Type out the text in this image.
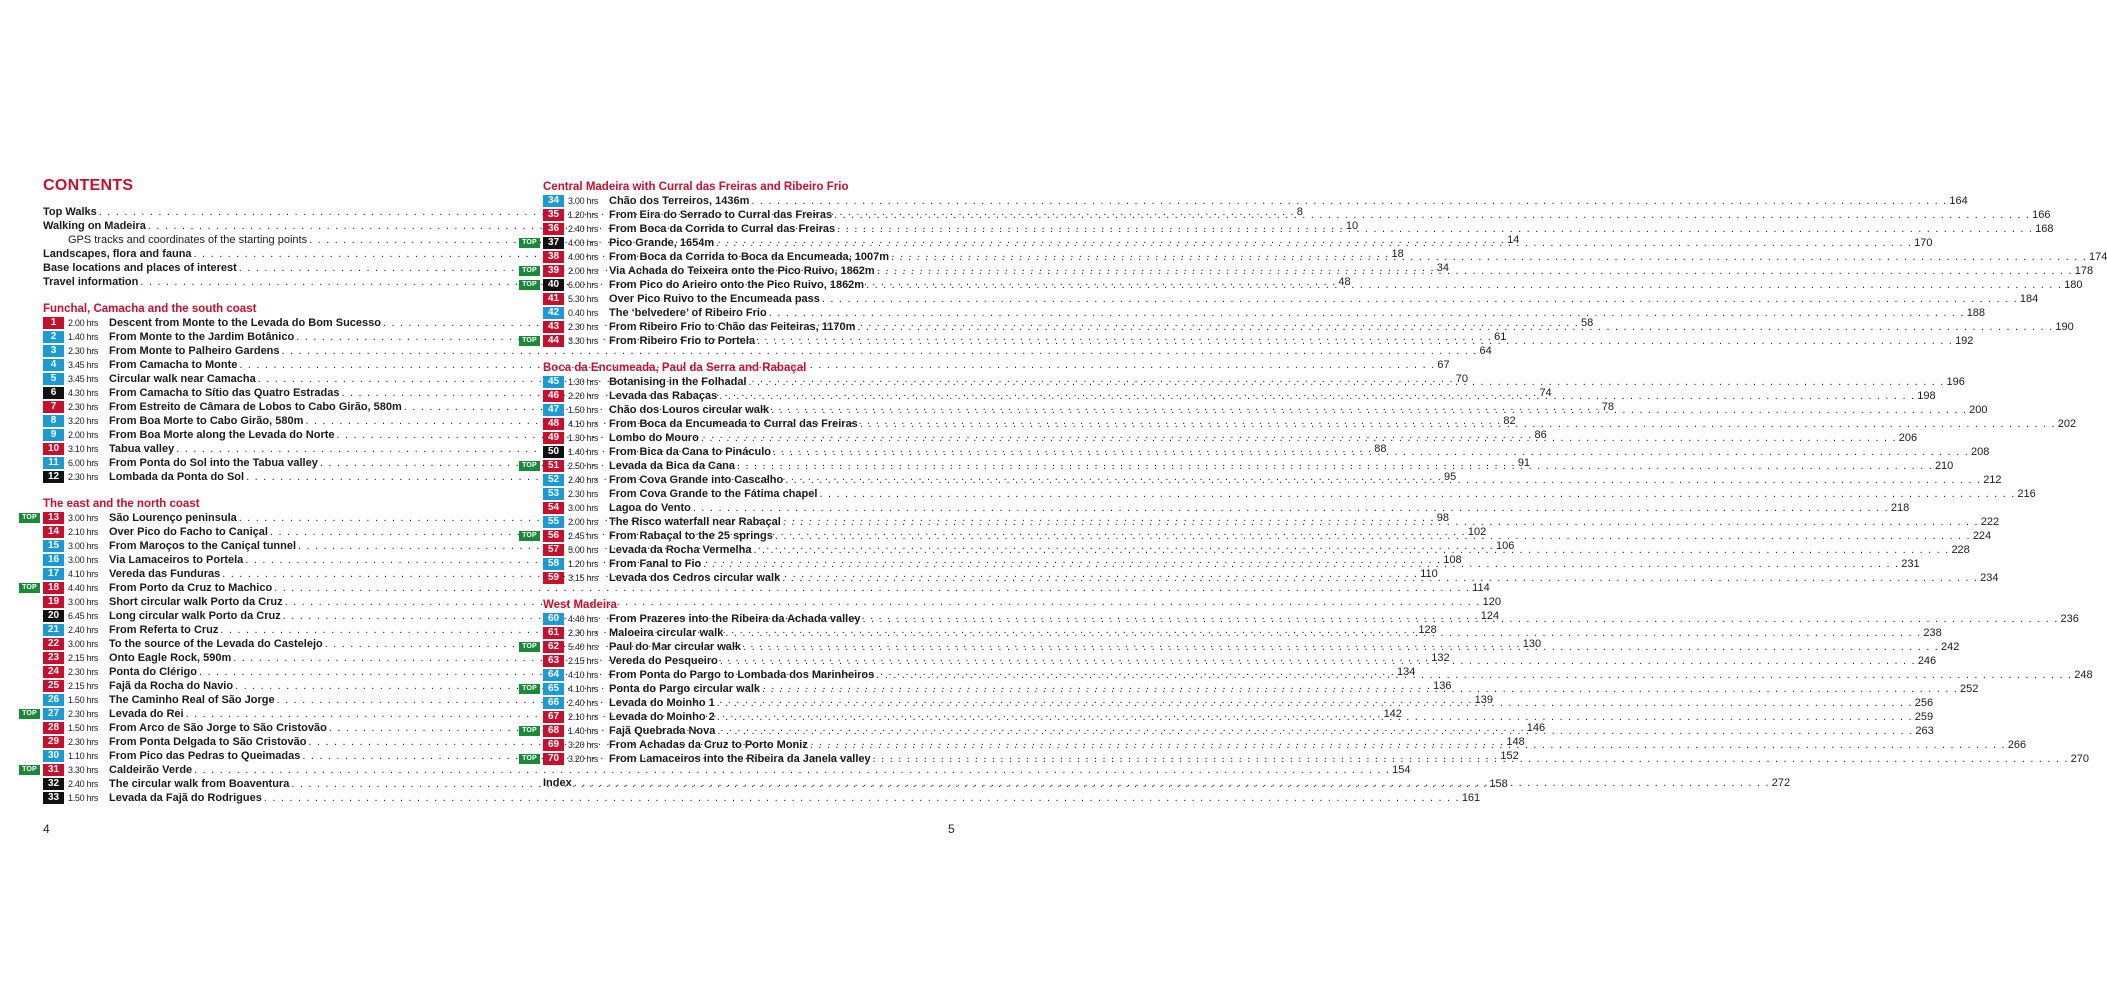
CONTENTS
Top Walks . . .	8
Walking on Madeira . . .	10
GPS tracks and coordinates of the starting points . . .	14
Landscapes, flora and fauna . . .	18
Base locations and places of interest . . .	34
Travel information . . .	48
Funchal, Camacha and the south coast
1	2.00 hrs Descent from Monte to the Levada do Bom Sucesso . . .	58
2	1.40 hrs From Monte to the Jardim Botânico . . .	61
3	2.30 hrs From Monte to Palheiro Gardens . . .	64
4	3.45 hrs From Camacha to Monte . . .	67
5	3.45 hrs Circular walk near Camacha . . .	70
6	4.30 hrs From Camacha to Sítio das Quatro Estradas . . .	74
7	2.30 hrs From Estreito de Câmara de Lobos to Cabo Girão, 580m . . .	78
8	3.20 hrs From Boa Morte to Cabo Girão, 580m . . .	82
9	2.00 hrs From Boa Morte along the Levada do Norte . . .	86
10 3.10 hrs Tabua valley . . .	88
11	6.00 hrs From Ponta do Sol into the Tabua valley . . .	91
12 2.30 hrs Lombada da Ponta do Sol . . .	95
The east and the north coast
TOP	13 3.00 hrs São Lourenço peninsula . . .	98
14 2.10 hrs Over Pico do Facho to Caniçal . . .	102
15 3.00 hrs From Maroços to the Caniçal tunnel . . .	106
16 3.00 hrs Via Lamaceiros to Portela . . .	108
17 4.10 hrs Vereda das Funduras . . .	110
TOP	18 4.40 hrs From Porto da Cruz to Machico . . .	114
19 3.00 hrs Short circular walk Porto da Cruz . . .	120
20 6.45 hrs Long circular walk Porto da Cruz . . .	124
21 2.40 hrs From Referta to Cruz . . .	128
22 3.00 hrs To the source of the Levada do Castelejo . . .	130
23 2.15 hrs Onto Eagle Rock, 590m . . .	132
24 2.30 hrs Ponta do Clérigo . . .	134
25 2.15 hrs Fajã da Rocha do Navio . . .	136
26 1.50 hrs The Caminho Real of São Jorge . . .	139
TOP	27 2.30 hrs Levada do Rei . . .	142
28 1.50 hrs From Arco de São Jorge to São Cristovão . . .	146
29 2.30 hrs From Ponta Delgada to São Cristovão . . .	148
30 1.10 hrs From Pico das Pedras to Queimadas . . .	152
TOP	31 3.30 hrs Caldeirão Verde . . .	154
32 2.40 hrs The circular walk from Boaventura . . .	158
33 1.50 hrs Levada da Fajã do Rodrigues . . .	161
Central Madeira with Curral das Freiras and Ribeiro Frio
34 3.00 hrs Chão dos Terreiros, 1436m . . .	164
35 1.20 hrs From Eira do Serrado to Curral das Freiras . . .	166
36 2.40 hrs From Boca da Corrida to Curral das Freiras . . .	168
TOP	37 4.00 hrs Pico Grande, 1654m . . .	170
38 4.00 hrs From Boca da Corrida to Boca da Encumeada, 1007m . . .	174
TOP	39 2.00 hrs Via Achada do Teixeira onto the Pico Ruivo, 1862m . . .	178
TOP	40 6.00 hrs From Pico do Arieiro onto the Pico Ruivo, 1862m . . .	180
41 5.30 hrs Over Pico Ruivo to the Encumeada pass . . .	184
42 0.40 hrs The ‘belvedere’ of Ribeiro Frio . . .	188
43 2.30 hrs From Ribeiro Frio to Chão das Feiteiras, 1170m . . .	190
TOP	44 3.30 hrs From Ribeiro Frio to Portela . . .	192
Boca da Encumeada, Paul da Serra and Rabaçal
45 1.30 hrs Botanising in the Folhadal . . .	196
46 2.20 hrs Levada das Rabaças . . .	198
47 1.50 hrs Chão dos Louros circular walk . . .	200
48 4.10 hrs From Boca da Encumeada to Curral das Freiras . . .	202
49 1.30 hrs Lombo do Mouro . . .	206
50 1.40 hrs From Bica da Cana to Pináculo . . .	208
TOP	51 2.50 hrs Levada da Bica da Cana . . .	210
52 2.40 hrs From Cova Grande into Cascalho . . .	212
53 2.30 hrs From Cova Grande to the Fátima chapel . . .	216
54 3.00 hrs Lagoa do Vento . . .	218
55 2.00 hrs The Risco waterfall near Rabaçal . . .	222
TOP	56 2.45 hrs From Rabaçal to the 25 springs . . .	224
57 5.00 hrs Levada da Rocha Vermelha . . .	228
58 1.20 hrs From Fanal to Fio . . .	231
59 3.15 hrs Levada dos Cedros circular walk . . .	234
West Madeira
60 4.40 hrs From Prazeres into the Ribeira da Achada valley . . .	236
61 2.30 hrs Maloeira circular walk . . .	238
TOP	62 5.40 hrs Paul do Mar circular walk . . .	242
63 2.15 hrs Vereda do Pesqueiro . . .	246
64 4.10 hrs From Ponta do Pargo to Lombada dos Marinheiros . . .	248
TOP	65 4.10 hrs Ponta do Pargo circular walk . . .	252
66 2.40 hrs Levada do Moinho 1 . . .	256
67 2.10 hrs Levada do Moinho 2 . . .	259
TOP	68 1.40 hrs Fajã Quebrada Nova . . .	263
69 3.20 hrs From Achadas da Cruz to Porto Moniz . . .	266
TOP	70 3.20 hrs From Lamaceiros into the Ribeira da Janela valley . . .	270
Index . . .	272
4	5
